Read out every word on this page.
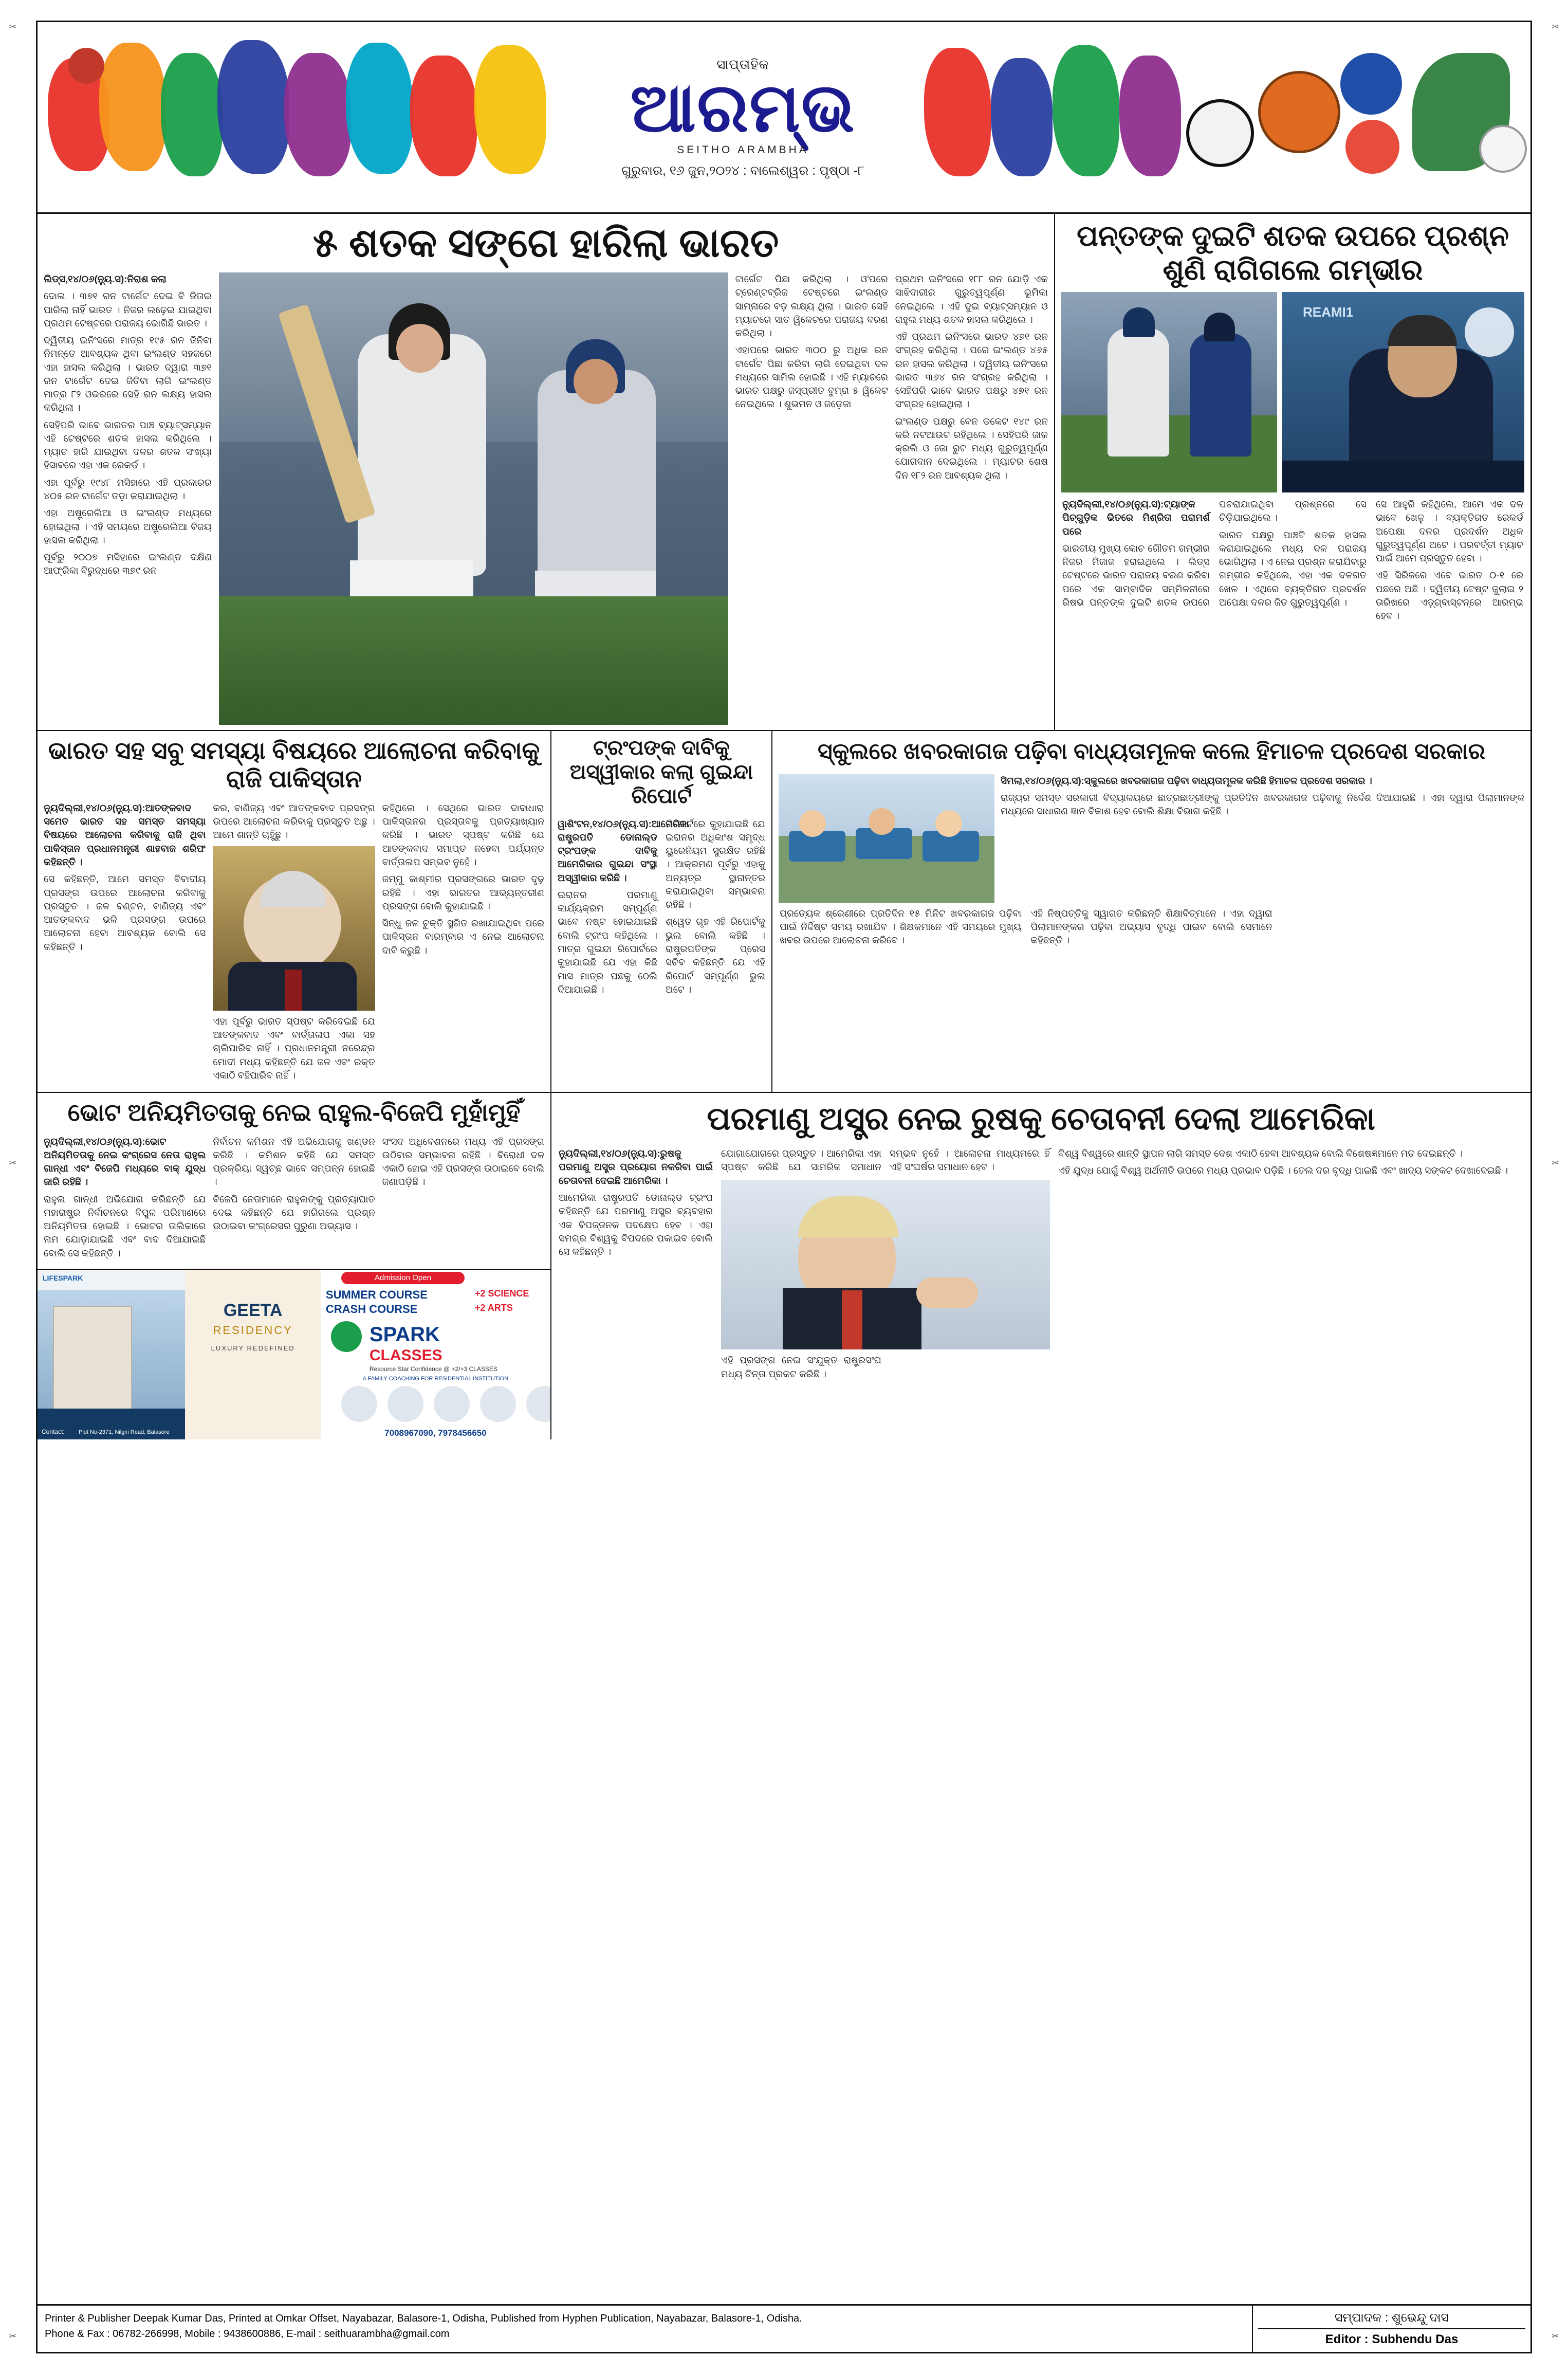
✂	✂
✂	✂
✂	✂
ସାପ୍ତାହିକ
ଆରମ୍ଭ
SEITHO ARAMBHA
ଗୁରୁବାର, ୧୬ ଜୁନ,୨୦୨୪ : ବାଲେଶ୍ୱର : ପୃଷ୍ଠା -୮
୫ ଶତକ ସଙ୍ଗେ ହାରିଲା ଭାରତ

ଲିଡ୍ସ,୧୪/୦୬(ନ୍ୟୁ.ସ):ନିରାଶ କଲା

ଦୋଳା । ୩୭୧ ରନ ଟାର୍ଗେଟ ଦେଇ ବି ଜିତାଇ ପାରିଲା ନାହିଁ ଭାରତ । ନିଜର ଲଢ଼େଇ ଯାଇଥିବା ପ୍ରଥମ ଟେଷ୍ଟରେ ପରାଜୟ ଭୋଗିଛି ଭାରତ ।

ଦ୍ୱିତୀୟ ଇନିଂସରେ ମାତ୍ର ୧୯୫ ରନ ଜିନିବା ନିମନ୍ତେ ଆବଶ୍ୟକ ଥିବା ଇଂଲଣ୍ଡ ସହଜରେ ଏହା ହାସଲ କରିଥିଲା । ଭାରତ ଦ୍ୱାରା ୩୭୧ ରନ ଟାର୍ଗେଟ ଦେଇ ଜିତିବା ଲାଗି ଇଂଲଣ୍ଡ ମାତ୍ର ୮୨ ଓଭରରେ ସେହି ରନ ଲକ୍ଷ୍ୟ ହାସଲ କରିଥିଲା ।

ସେହିପରି ଭାବେ ଭାରତର ପାଞ୍ଚ ବ୍ୟାଟ୍‌ସମ୍ୟାନ ଏହି ଟେଷ୍ଟରେ ଶତକ ହାସଲ କରିଥିଲେ । ମ୍ୟାଚ ହାରି ଯାଇଥିବା ଦଳର ଶତକ ସଂଖ୍ୟା ହିସାବରେ ଏହା ଏକ ରେକର୍ଡ ।

ଏହା ପୂର୍ବରୁ ୧୯୪୮ ମସିହାରେ ଏହି ପ୍ରକାରର ୪୦୫ ରନ ଟାର୍ଗେଟ ତଡ଼ା କରାଯାଇଥିଲା ।

ଏହା ଅଷ୍ଟ୍ରେଲିଆ ଓ ଇଂଲଣ୍ଡ ମଧ୍ୟରେ ହୋଇଥିଲା । ଏହି ସମୟରେ ଅଷ୍ଟ୍ରେଲିଆ ବିଜୟ ହାସଲ କରିଥିଲା ।

ପୂର୍ବରୁ ୨୦୦୭ ମସିହାରେ ଇଂଲଣ୍ଡ ଦକ୍ଷିଣ ଆଫ୍ରିକା ବିରୁଦ୍ଧରେ ୩୭୯ ରନ

ଟାର୍ଗେଟ ପିଛା କରିଥିଲା । ଓ'ପରେ ଟ୍ରେଣ୍ଟବ୍ରିଜ ଟେଷ୍ଟରେ ଇଂଲଣ୍ଡ ସାମ୍ନାରେ ବଡ଼ ଲକ୍ଷ୍ୟ ଥିଲା । ଭାରତ ସେହି ମ୍ୟାଚରେ ସାତ ୱିକେଟରେ ପରାଜୟ ବରଣ କରିଥିଲା ।

ଏହାପରେ ଭାରତ ୩୦୦ ରୁ ଅଧିକ ରନ ଟାର୍ଗେଟ ପିଛା କରିବା ଲାଗି ଦେଇଥିବା ଦଳ ମଧ୍ୟରେ ସାମିଲ ହୋଇଛି । ଏହି ମ୍ୟାଚରେ ଭାରତ ପକ୍ଷରୁ ଜସ୍‌ପ୍ରୀତ ବୁମ୍‌ରା ୫ ୱିକେଟ ନେଇଥିଲେ । ଶୁଭମନ ଓ ଜଡ଼େଜା

ପ୍ରଥମ ଇନିଂସରେ ୧୮୮ ରନ ଯୋଡ଼ି ଏକ ସାଝିଦାରୀର ଗୁରୁତ୍ୱପୂର୍ଣ୍ଣ ଭୂମିକା ନେଇଥିଲେ । ଏହି ଦୁଇ ବ୍ୟାଟ୍‌ସମ୍ୟାନ ଓ ରାହୁଲ ମଧ୍ୟ ଶତକ ହାସଲ କରିଥିଲେ ।

ଏହି ପ୍ରଥମ ଇନିଂସରେ ଭାରତ ୪୭୧ ରନ ସଂଗ୍ରହ କରିଥିଲା । ପରେ ଇଂଲଣ୍ଡ ୪୬୫ ରନ ହାସଲ କରିଥିଲା । ଦ୍ୱିତୀୟ ଇନିଂସରେ ଭାରତ ୩୬୪ ରନ ସଂଗ୍ରହ କରିଥିଲା । ସେହିପରି ଭାବେ ଭାରତ ପକ୍ଷରୁ ୪୭୧ ରନ ସଂଗ୍ରହ ହୋଇଥିଲା ।

ଇଂଲଣ୍ଡ ପକ୍ଷରୁ ବେନ ଡକେଟ ୧୪୯ ରନ କରି ନଟଆଉଟ ରହିଥିଲେ । ସେହିପରି ଜାକ କ୍ରଲି ଓ ଜୋ ରୁଟ ମଧ୍ୟ ଗୁରୁତ୍ୱପୂର୍ଣ୍ଣ ଯୋଗଦାନ ଦେଇଥିଲେ । ମ୍ୟାଚର ଶେଷ ଦିନ ୧୮୨ ରନ ଆବଶ୍ୟକ ଥିଲା ।

ପନ୍ତଙ୍କ ଦୁଇଟି ଶତକ ଉପରେ ପ୍ରଶ୍ନ ଶୁଣି ରାଗିଗଲେ ଗମ୍ଭୀର
REAMI1

ନ୍ୟୁଦିଲ୍ଲୀ,୧୪/୦୬(ନ୍ୟୁ.ସ):ଟ୍ୟାଙ୍କ ପିଚ୍‌ଗୁଡ଼ିକ ଭିତରେ ମିଶ୍ରିତା ପରାମର୍ଶ ପରେ

ଭାରତୀୟ ମୁଖ୍ୟ କୋଚ ଗୌତମ ଗମ୍ଭୀର ନିଜର ମିଜାଜ ହରାଇଥିଲେ । ଲିଡ୍ସ ଟେଷ୍ଟରେ ଭାରତ ପରାଜୟ ବରଣ କରିବା ପରେ ଏକ ସାମ୍ବାଦିକ ସମ୍ମିଳନୀରେ ରିଷଭ ପନ୍ତଙ୍କ ଦୁଇଟି ଶତକ ଉପରେ ପଚରାଯାଇଥିବା ପ୍ରଶ୍ନରେ ସେ ଚିଡ଼ିଯାଇଥିଲେ ।

ଭାରତ ପକ୍ଷରୁ ପାଞ୍ଚଟି ଶତକ ହାସଲ କରାଯାଇଥିଲେ ମଧ୍ୟ ଦଳ ପରାଜୟ ଭୋଗିଥିଲା । ଏ ନେଇ ପ୍ରଶ୍ନ କରାଯିବାରୁ ଗମ୍ଭୀର କହିଥିଲେ, ଏହା ଏକ ଦଳଗତ ଖେଳ । ଏଥିରେ ବ୍ୟକ୍ତିଗତ ପ୍ରଦର୍ଶନ ଅପେକ୍ଷା ଦଳର ଜିତ ଗୁରୁତ୍ୱପୂର୍ଣ୍ଣ ।

ସେ ଆହୁରି କହିଥିଲେ, ଆମେ ଏକ ଦଳ ଭାବେ ଖେଳୁ । ବ୍ୟକ୍ତିଗତ ରେକର୍ଡ ଅପେକ୍ଷା ଦଳର ପ୍ରଦର୍ଶନ ଅଧିକ ଗୁରୁତ୍ୱପୂର୍ଣ୍ଣ ଅଟେ । ପରବର୍ତ୍ତୀ ମ୍ୟାଚ ପାଇଁ ଆମେ ପ୍ରସ୍ତୁତ ହେବା ।

ଏହି ସିରିଜରେ ଏବେ ଭାରତ ୦-୧ ରେ ପଛରେ ଅଛି । ଦ୍ୱିତୀୟ ଟେଷ୍ଟ ଜୁଲାଇ ୨ ତାରିଖରେ ଏଡ଼୍‌ଗ୍‌ବାସ୍‌ଟନ୍‌ରେ ଆରମ୍ଭ ହେବ ।

ଭାରତ ସହ ସବୁ ସମସ୍ୟା ବିଷୟରେ ଆଲୋଚନା କରିବାକୁ ରାଜି ପାକିସ୍ତାନ

ନ୍ୟୁଦିଲ୍ଲୀ,୧୪/୦୬(ନ୍ୟୁ.ସ):ଆତଙ୍କବାଦ ସମେତ ଭାରତ ସହ ସମସ୍ତ ସମସ୍ୟା ବିଷୟରେ ଆଲୋଚନା କରିବାକୁ ରାଜି ଥିବା ପାକିସ୍ତାନ ପ୍ରଧାନମନ୍ତ୍ରୀ ଶାହବାଜ ଶରିଫ କହିଛନ୍ତି ।

ସେ କହିଛନ୍ତି, ଆମେ ସମସ୍ତ ବିବାଦୀୟ ପ୍ରସଙ୍ଗ ଉପରେ ଆଲୋଚନା କରିବାକୁ ପ୍ରସ୍ତୁତ । ଜଳ ବଣ୍ଟନ, ବାଣିଜ୍ୟ ଏବଂ ଆତଙ୍କବାଦ ଭଳି ପ୍ରସଙ୍ଗ ଉପରେ ଆଲୋଚନା ହେବା ଆବଶ୍ୟକ ବୋଲି ସେ କହିଛନ୍ତି ।

କର, ବାଣିଜ୍ୟ ଏବଂ ଆତଙ୍କବାଦ ପ୍ରସଙ୍ଗ ଉପରେ ଆଲୋଚନା କରିବାକୁ ପ୍ରସ୍ତୁତ ଅଛୁ । ଆମେ ଶାନ୍ତି ଚାହୁଁଛୁ ।

ଏହା ପୂର୍ବରୁ ଭାରତ ସ୍ପଷ୍ଟ କରିଦେଇଛି ଯେ ଆତଙ୍କବାଦ ଏବଂ ବାର୍ତ୍ତାଳାପ ଏକା ସହ ଚାଲିପାରିବ ନାହିଁ । ପ୍ରଧାନମନ୍ତ୍ରୀ ନରେନ୍ଦ୍ର ମୋଦୀ ମଧ୍ୟ କହିଛନ୍ତି ଯେ ଜଳ ଏବଂ ରକ୍ତ ଏକାଠି ବହିପାରିବ ନାହିଁ ।

କହିଥିଲେ । ସେଥିରେ ଭାରତ ଦାବାଧାରା ପାକିସ୍ତାନର ପ୍ରସ୍ତାବକୁ ପ୍ରତ୍ୟାଖ୍ୟାନ କରିଛି । ଭାରତ ସ୍ପଷ୍ଟ କରିଛି ଯେ ଆତଙ୍କବାଦ ସମାପ୍ତ ନହେବା ପର୍ଯ୍ୟନ୍ତ ବାର୍ତ୍ତାଳାପ ସମ୍ଭବ ନୁହେଁ ।

ଜମ୍ମୁ କାଶ୍ମୀର ପ୍ରସଙ୍ଗରେ ଭାରତ ଦୃଢ଼ ରହିଛି । ଏହା ଭାରତର ଆଭ୍ୟନ୍ତରୀଣ ପ୍ରସଙ୍ଗ ବୋଲି କୁହାଯାଇଛି ।

ସିନ୍ଧୁ ଜଳ ଚୁକ୍ତି ସ୍ଥଗିତ ରଖାଯାଇଥିବା ପରେ ପାକିସ୍ତାନ ବାରମ୍ବାର ଏ ନେଇ ଆଲୋଚନା ଦାବି କରୁଛି ।

ଟ୍ରଂପଙ୍କ ଦାବିକୁ ଅସ୍ୱୀକାର କଲା ଗୁଇନ୍ଦା ରିପୋର୍ଟ

ୱାଶିଂଟନ,୧୪/୦୬(ନ୍ୟୁ.ସ):ଆମେରିକା ରାଷ୍ଟ୍ରପତି ଡୋନାଲ୍ଡ ଟ୍ରଂପଙ୍କ ଦାବିକୁ ଆମେରିକାର ଗୁଇନ୍ଦା ସଂସ୍ଥା ଅସ୍ୱୀକାର କରିଛି ।

ଇରାନର ପରମାଣୁ କାର୍ଯ୍ୟକ୍ରମ ସମ୍ପୂର୍ଣ୍ଣ ଭାବେ ନଷ୍ଟ ହୋଇଯାଇଛି ବୋଲି ଟ୍ରଂପ କହିଥିଲେ । ମାତ୍ର ଗୁଇନ୍ଦା ରିପୋର୍ଟରେ କୁହାଯାଇଛି ଯେ ଏହା କିଛି ମାସ ମାତ୍ର ପଛକୁ ଠେଲି ଦିଆଯାଇଛି ।

ରିପୋର୍ଟରେ କୁହାଯାଇଛି ଯେ ଇରାନର ଅଧିକାଂଶ ସମୃଦ୍ଧ ୟୁରେନିୟମ ସୁରକ୍ଷିତ ରହିଛି । ଆକ୍ରମଣ ପୂର୍ବରୁ ଏହାକୁ ଅନ୍ୟତ୍ର ସ୍ଥାନାନ୍ତର କରାଯାଇଥିବା ସମ୍ଭାବନା ରହିଛି ।

ଶ୍ୱେତ ଗୃହ ଏହି ରିପୋର୍ଟକୁ ଭୁଲ ବୋଲି କହିଛି । ରାଷ୍ଟ୍ରପତିଙ୍କ ପ୍ରେସ ସଚିବ କହିଛନ୍ତି ଯେ ଏହି ରିପୋର୍ଟ ସମ୍ପୂର୍ଣ୍ଣ ଭୁଲ ଅଟେ ।

ସ୍କୁଲରେ ଖବରକାଗଜ ପଢ଼ିବା ବାଧ୍ୟତାମୂଳକ କଲେ ହିମାଚଳ ପ୍ରଦେଶ ସରକାର

ସିମଲା,୧୪/୦୬(ନ୍ୟୁ.ସ):ସ୍କୁଲରେ ଖବରକାଗଜ ପଢ଼ିବା ବାଧ୍ୟତାମୂଳକ କରିଛି ହିମାଚଳ ପ୍ରଦେଶ ସରକାର ।

ରାଜ୍ୟର ସମସ୍ତ ସରକାରୀ ବିଦ୍ୟାଳୟରେ ଛାତ୍ରଛାତ୍ରୀଙ୍କୁ ପ୍ରତିଦିନ ଖବରକାଗଜ ପଢ଼ିବାକୁ ନିର୍ଦ୍ଦେଶ ଦିଆଯାଇଛି । ଏହା ଦ୍ୱାରା ପିଲାମାନଙ୍କ ମଧ୍ୟରେ ସାଧାରଣ ଜ୍ଞାନ ବିକାଶ ହେବ ବୋଲି ଶିକ୍ଷା ବିଭାଗ କହିଛି ।

ପ୍ରତ୍ୟେକ ଶ୍ରେଣୀରେ ପ୍ରତିଦିନ ୧୫ ମିନିଟ ଖବରକାଗଜ ପଢ଼ିବା ପାଇଁ ନିର୍ଦ୍ଦିଷ୍ଟ ସମୟ ରଖାଯିବ । ଶିକ୍ଷକମାନେ ଏହି ସମୟରେ ମୁଖ୍ୟ ଖବର ଉପରେ ଆଲୋଚନା କରିବେ ।

ଏହି ନିଷ୍ପତ୍ତିକୁ ସ୍ୱାଗତ କରିଛନ୍ତି ଶିକ୍ଷାବିତ୍‌ମାନେ । ଏହା ଦ୍ୱାରା ପିଲାମାନଙ୍କର ପଢ଼ିବା ଅଭ୍ୟାସ ବୃଦ୍ଧି ପାଇବ ବୋଲି ସେମାନେ କହିଛନ୍ତି ।

ଭୋଟ ଅନିୟମିତତାକୁ ନେଇ ରାହୁଲ-ବିଜେପି ମୁହାଁମୁହିଁ

ନ୍ୟୁଦିଲ୍ଲୀ,୧୪/୦୬(ନ୍ୟୁ.ସ):ଭୋଟ ଅନିୟମିତତାକୁ ନେଇ କଂଗ୍ରେସ ନେତା ରାହୁଲ ଗାନ୍ଧୀ ଏବଂ ବିଜେପି ମଧ୍ୟରେ ବାକ୍ ଯୁଦ୍ଧ ଜାରି ରହିଛି ।

ରାହୁଲ ଗାନ୍ଧୀ ଅଭିଯୋଗ କରିଛନ୍ତି ଯେ ମହାରାଷ୍ଟ୍ର ନିର୍ବାଚନରେ ବିପୁଳ ପରିମାଣରେ ଅନିୟମିତତା ହୋଇଛି । ଭୋଟର ତାଲିକାରେ ନାମ ଯୋଡ଼ାଯାଇଛି ଏବଂ ବାଦ ଦିଆଯାଇଛି ବୋଲି ସେ କହିଛନ୍ତି ।

ନିର୍ବାଚନ କମିଶନ ଏହି ଅଭିଯୋଗକୁ ଖଣ୍ଡନ କରିଛି । କମିଶନ କହିଛି ଯେ ସମସ୍ତ ପ୍ରକ୍ରିୟା ସ୍ୱଚ୍ଛ ଭାବେ ସମ୍ପନ୍ନ ହୋଇଛି ।

ବିଜେପି ନେତାମାନେ ରାହୁଲଙ୍କୁ ପ୍ରତ୍ୟାଘାତ ଦେଇ କହିଛନ୍ତି ଯେ ହାରିଗଲେ ପ୍ରଶ୍ନ ଉଠାଇବା କଂଗ୍ରେସର ପୁରୁଣା ଅଭ୍ୟାସ ।

ସଂସଦ ଅଧିବେଶନରେ ମଧ୍ୟ ଏହି ପ୍ରସଙ୍ଗ ଉଠିବାର ସମ୍ଭାବନା ରହିଛି । ବିରୋଧୀ ଦଳ ଏକାଠି ହୋଇ ଏହି ପ୍ରସଙ୍ଗ ଉଠାଇବେ ବୋଲି ଜଣାପଡ଼ିଛି ।

LIFESPARK
Contact: Plot No-2371, Nilgiri Road, Balasore
GEETA
RESIDENCY
LUXURY REDEFINED
Admission Open
SUMMER COURSE
CRASH COURSE
+2 SCIENCE
+2 ARTS
SPARK
CLASSES
Resource Star Confidence @ +2/+3 CLASSES
A FAMILY COACHING FOR RESIDENTIAL INSTITUTION
7008967090, 7978456650
ପରମାଣୁ ଅସ୍ତ୍ର ନେଇ ରୁଷକୁ ଚେତାବନୀ ଦେଲା ଆମେରିକା

ନ୍ୟୁଦିଲ୍ଲୀ,୧୪/୦୬(ନ୍ୟୁ.ସ):ରୁଷକୁ ପରମାଣୁ ଅସ୍ତ୍ର ପ୍ରୟୋଗ ନକରିବା ପାଇଁ ଚେତାବନୀ ଦେଇଛି ଆମେରିକା ।

ଆମେରିକା ରାଷ୍ଟ୍ରପତି ଡୋନାଲ୍ଡ ଟ୍ରଂପ କହିଛନ୍ତି ଯେ ପରମାଣୁ ଅସ୍ତ୍ର ବ୍ୟବହାର ଏକ ବିପଜ୍ଜନକ ପଦକ୍ଷେପ ହେବ । ଏହା ସମଗ୍ର ବିଶ୍ୱକୁ ବିପଦରେ ପକାଇବ ବୋଲି ସେ କହିଛନ୍ତି ।

ଯୋଗାଯୋଗରେ ପ୍ରସ୍ତୁତ । ଆମେରିକା ଏହା ସ୍ପଷ୍ଟ କରିଛି ଯେ ସାମରିକ ସମାଧାନ ସମ୍ଭବ ନୁହେଁ । ଆଲୋଚନା ମାଧ୍ୟମରେ ହିଁ ଏହି ସଂଘର୍ଷର ସମାଧାନ ହେବ ।

ଏହି ପ୍ରସଙ୍ଗ ନେଇ ସଂଯୁକ୍ତ ରାଷ୍ଟ୍ରସଂଘ ମଧ୍ୟ ଚିନ୍ତା ପ୍ରକଟ କରିଛି ।

ବିଶ୍ୱ ବିଶ୍ୱରେ ଶାନ୍ତି ସ୍ଥାପନ ଲାଗି ସମସ୍ତ ଦେଶ ଏକାଠି ହେବା ଆବଶ୍ୟକ ବୋଲି ବିଶେଷଜ୍ଞମାନେ ମତ ଦେଇଛନ୍ତି ।

ଏହି ଯୁଦ୍ଧ ଯୋଗୁଁ ବିଶ୍ୱ ଅର୍ଥନୀତି ଉପରେ ମଧ୍ୟ ପ୍ରଭାବ ପଡ଼ିଛି । ତେଲ ଦର ବୃଦ୍ଧି ପାଇଛି ଏବଂ ଖାଦ୍ୟ ସଙ୍କଟ ଦେଖାଦେଇଛି ।

Printer & Publisher Deepak Kumar Das, Printed at Omkar Offset, Nayabazar, Balasore-1, Odisha, Published from Hyphen Publication, Nayabazar, Balasore-1, Odisha.
Phone & Fax : 06782-266998, Mobile : 9438600886, E-mail : seithuarambha@gmail.com
ସମ୍ପାଦକ : ଶୁଭେନ୍ଦୁ ଦାସ
Editor : Subhendu Das
